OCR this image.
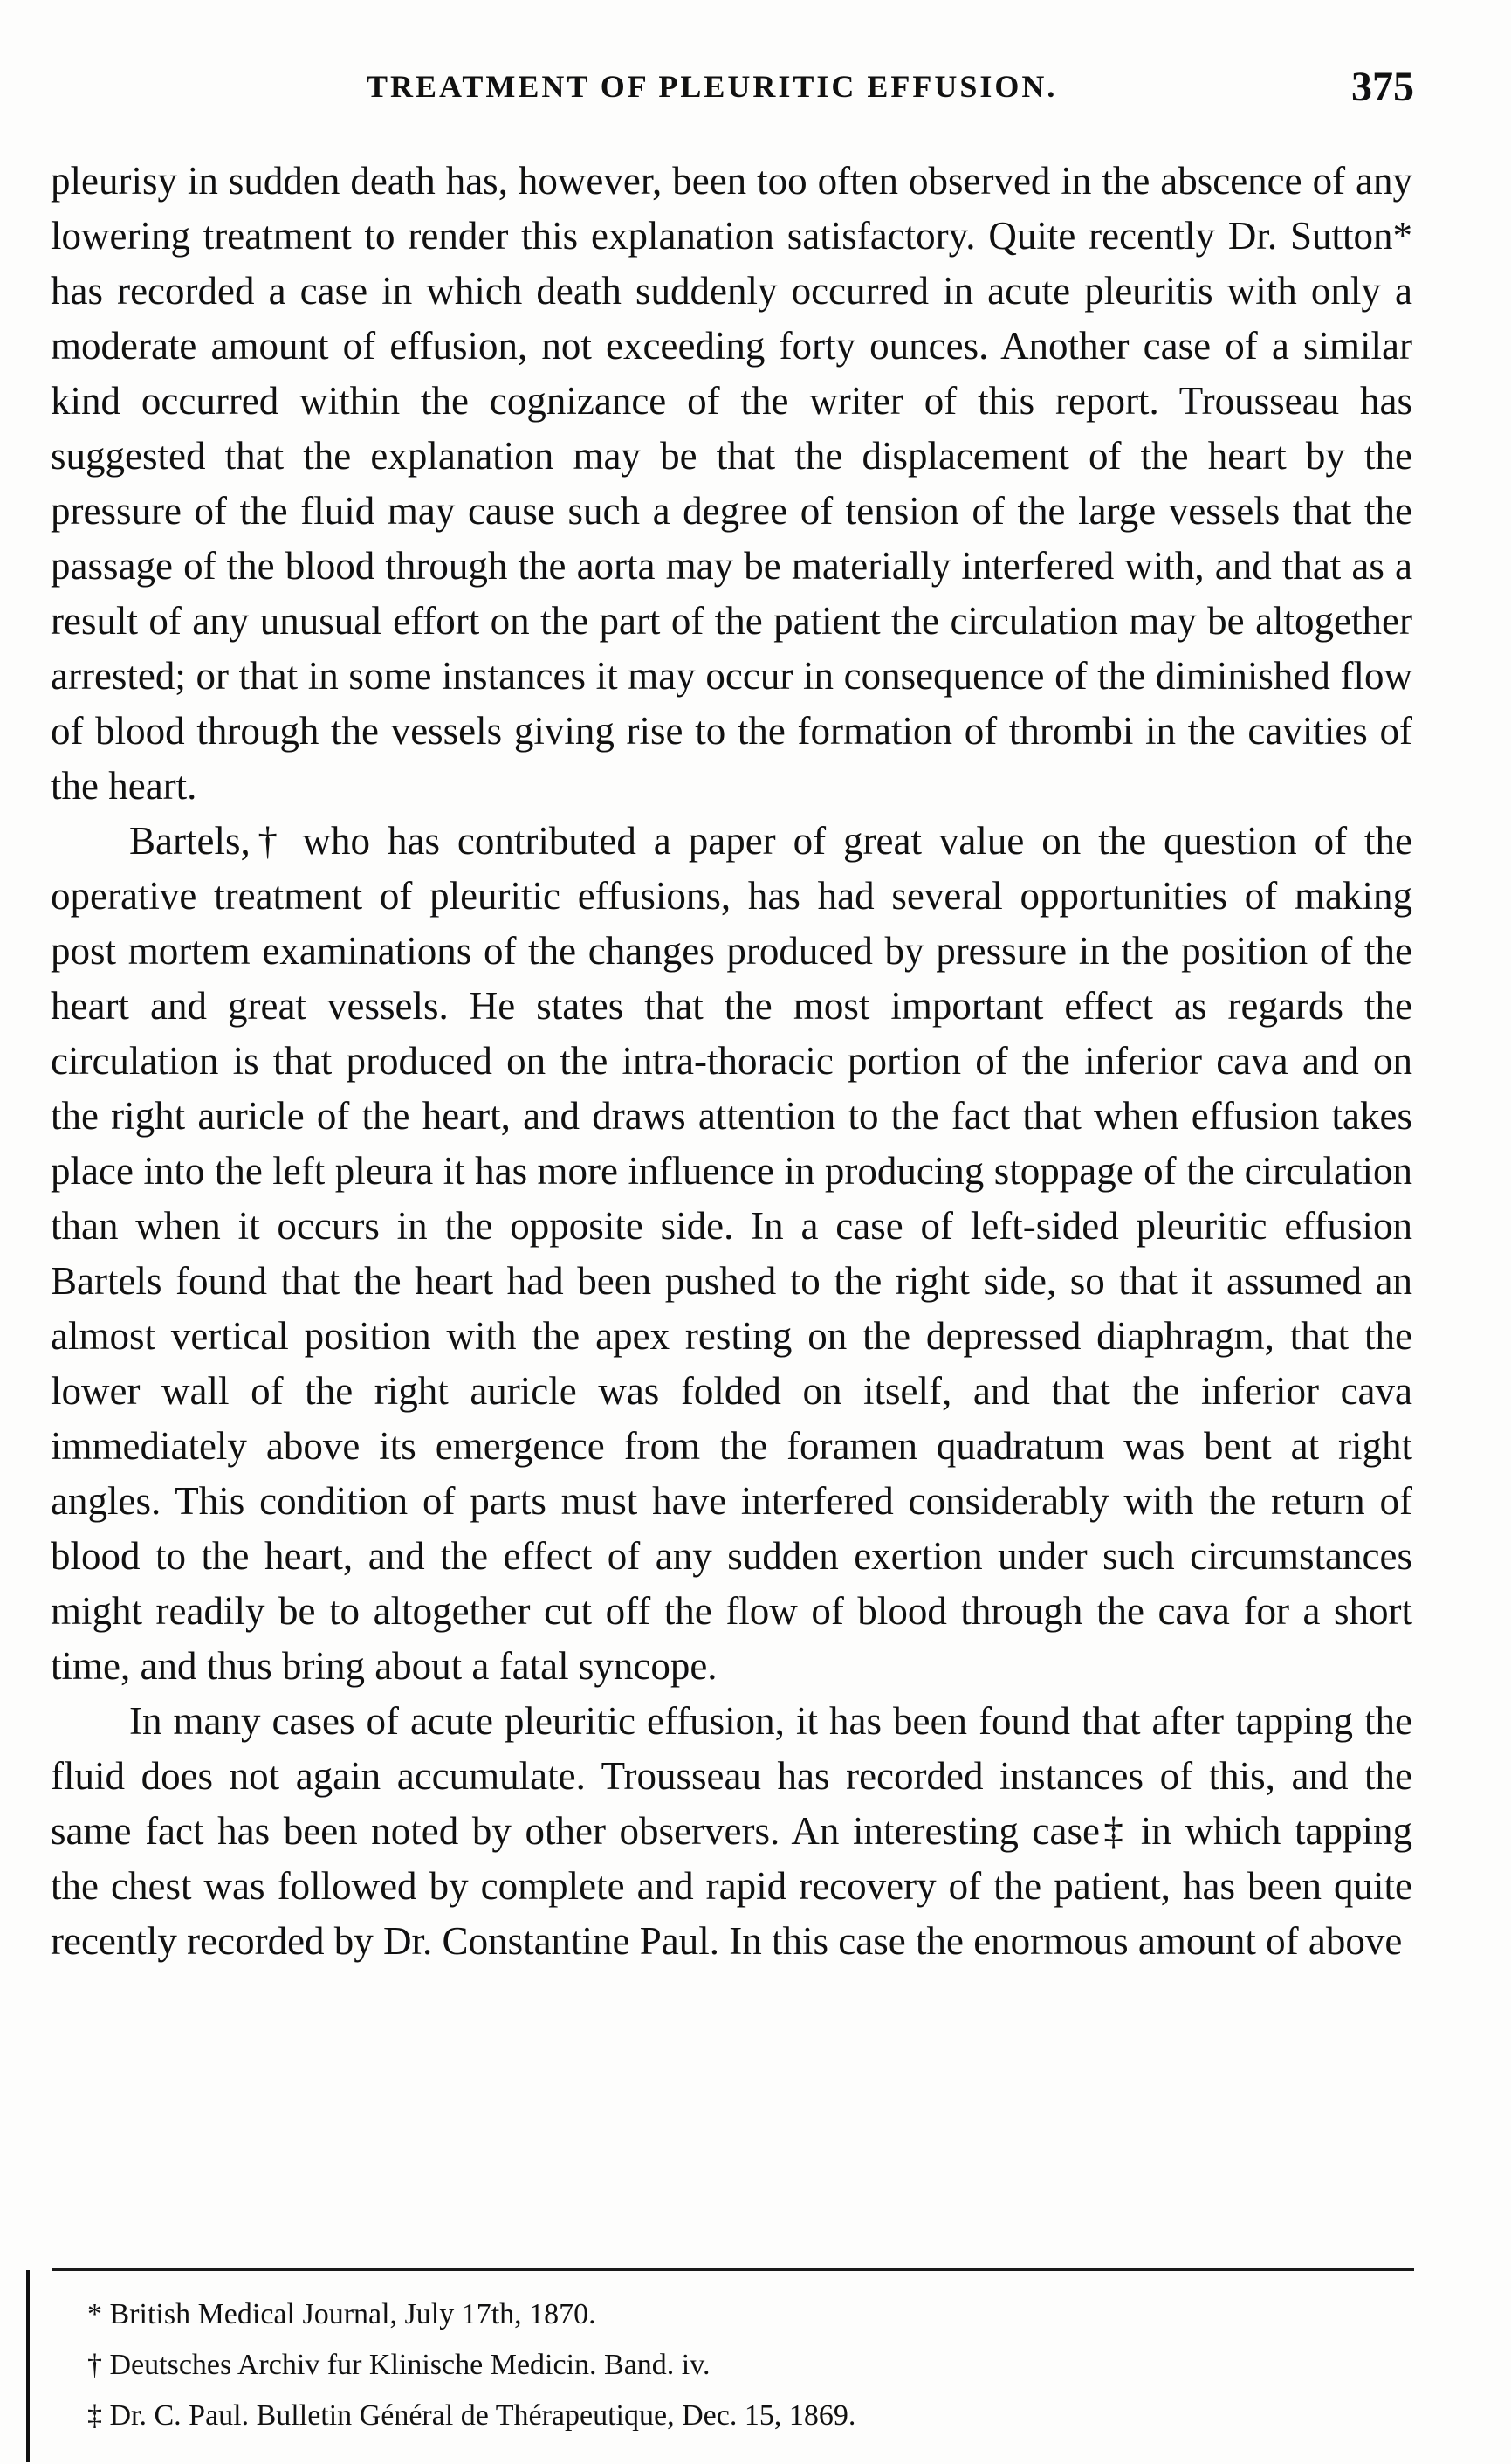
TREATMENT OF PLEURITIC EFFUSION.	375

pleurisy in sudden death has, however, been too often observed in the abscence of any lowering treatment to render this explanation satisfactory. Quite recently Dr. Sutton* has recorded a case in which death suddenly occurred in acute pleuritis with only a moderate amount of effusion, not exceeding forty ounces. Another case of a similar kind occurred within the cognizance of the writer of this report. Trousseau has suggested that the explanation may be that the displacement of the heart by the pressure of the fluid may cause such a degree of tension of the large vessels that the passage of the blood through the aorta may be materially interfered with, and that as a result of any unusual effort on the part of the patient the circulation may be altogether arrested; or that in some instances it may occur in consequence of the diminished flow of blood through the vessels giving rise to the formation of thrombi in the cavities of the heart.

Bartels,† who has contributed a paper of great value on the question of the operative treatment of pleuritic effusions, has had several opportunities of making post mortem examinations of the changes produced by pressure in the position of the heart and great vessels. He states that the most important effect as regards the circulation is that produced on the intra-thoracic portion of the inferior cava and on the right auricle of the heart, and draws attention to the fact that when effusion takes place into the left pleura it has more influence in producing stoppage of the circulation than when it occurs in the opposite side. In a case of left-sided pleuritic effusion Bartels found that the heart had been pushed to the right side, so that it assumed an almost vertical position with the apex resting on the depressed diaphragm, that the lower wall of the right auricle was folded on itself, and that the inferior cava immediately above its emergence from the foramen quadratum was bent at right angles. This condition of parts must have interfered considerably with the return of blood to the heart, and the effect of any sudden exertion under such circumstances might readily be to altogether cut off the flow of blood through the cava for a short time, and thus bring about a fatal syncope.

In many cases of acute pleuritic effusion, it has been found that after tapping the fluid does not again accumulate. Trousseau has recorded instances of this, and the same fact has been noted by other observers. An interesting case‡ in which tapping the chest was followed by complete and rapid recovery of the patient, has been quite recently recorded by Dr. Constantine Paul. In this case the enormous amount of above

* British Medical Journal, July 17th, 1870.

† Deutsches Archiv fur Klinische Medicin. Band. iv.

‡ Dr. C. Paul. Bulletin Général de Thérapeutique, Dec. 15, 1869.
